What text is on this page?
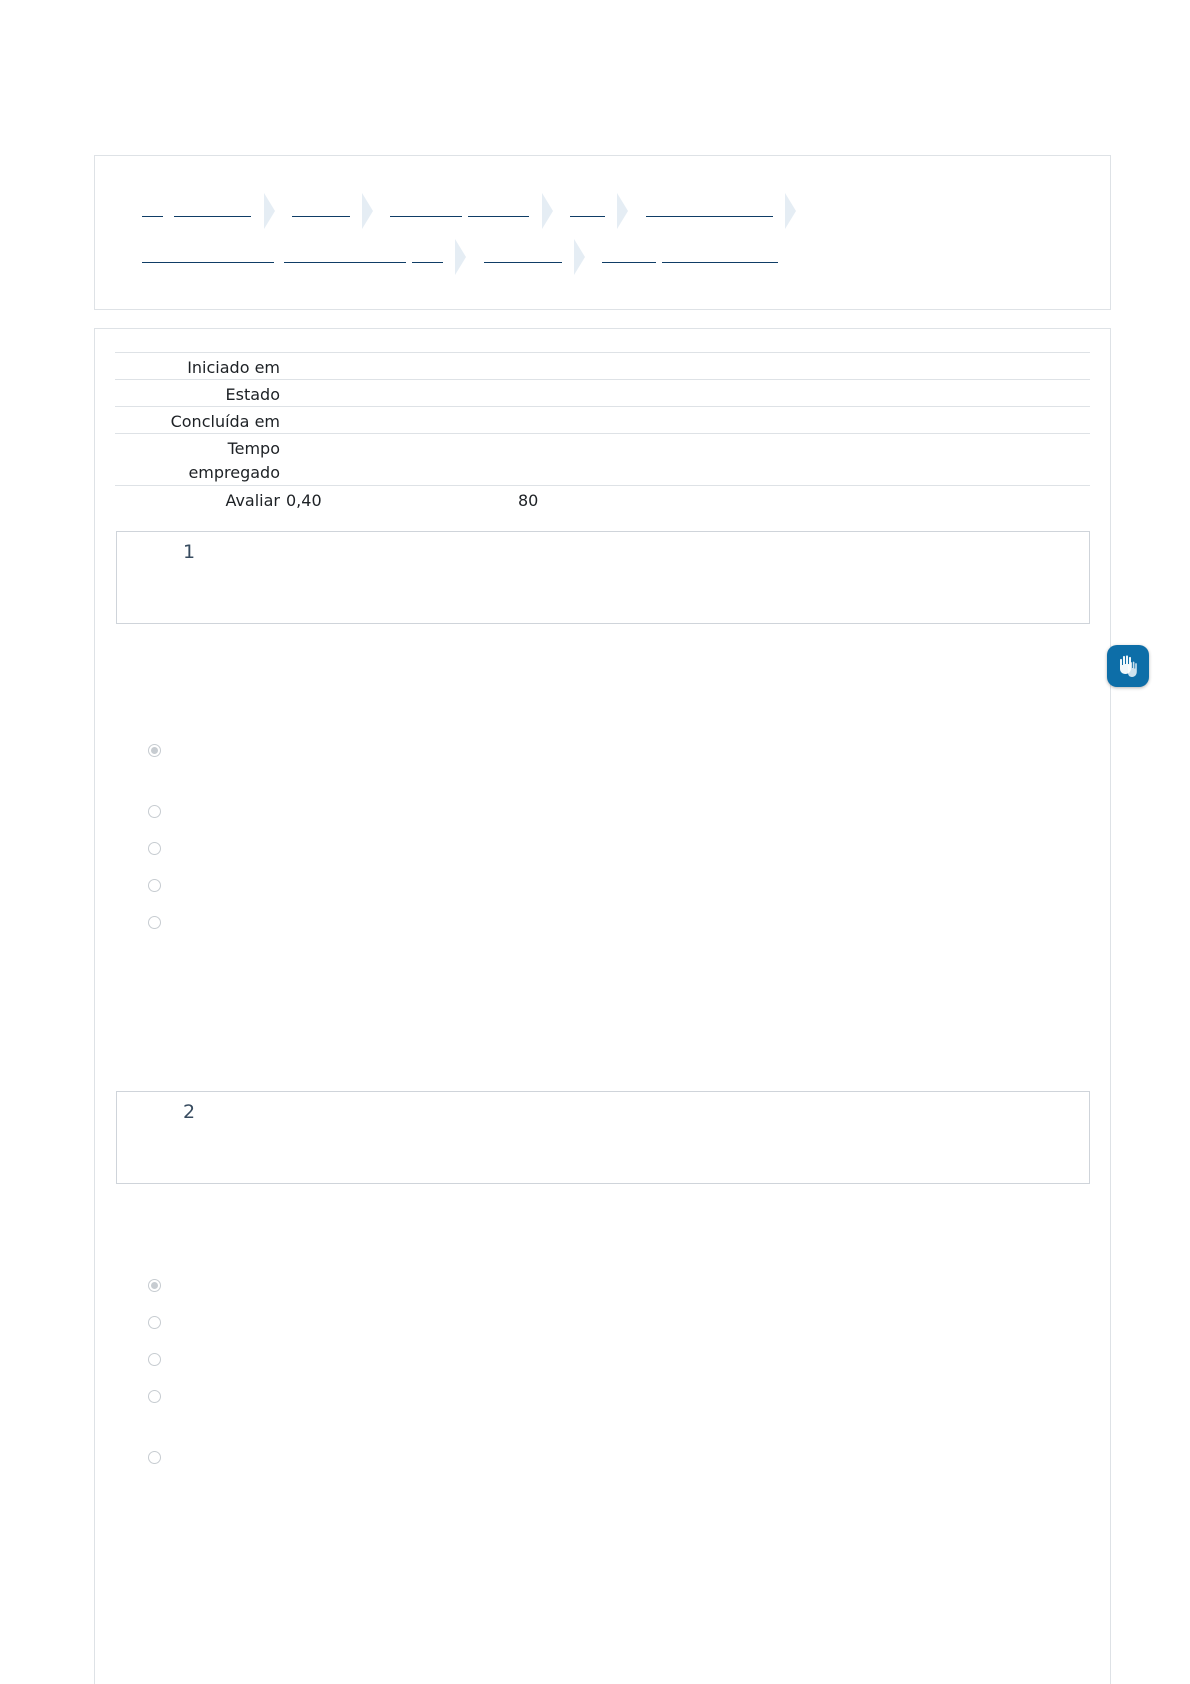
Iniciado em
Estado
Concluída em
Tempo empregado
Avaliar 0,40	80
1
2
